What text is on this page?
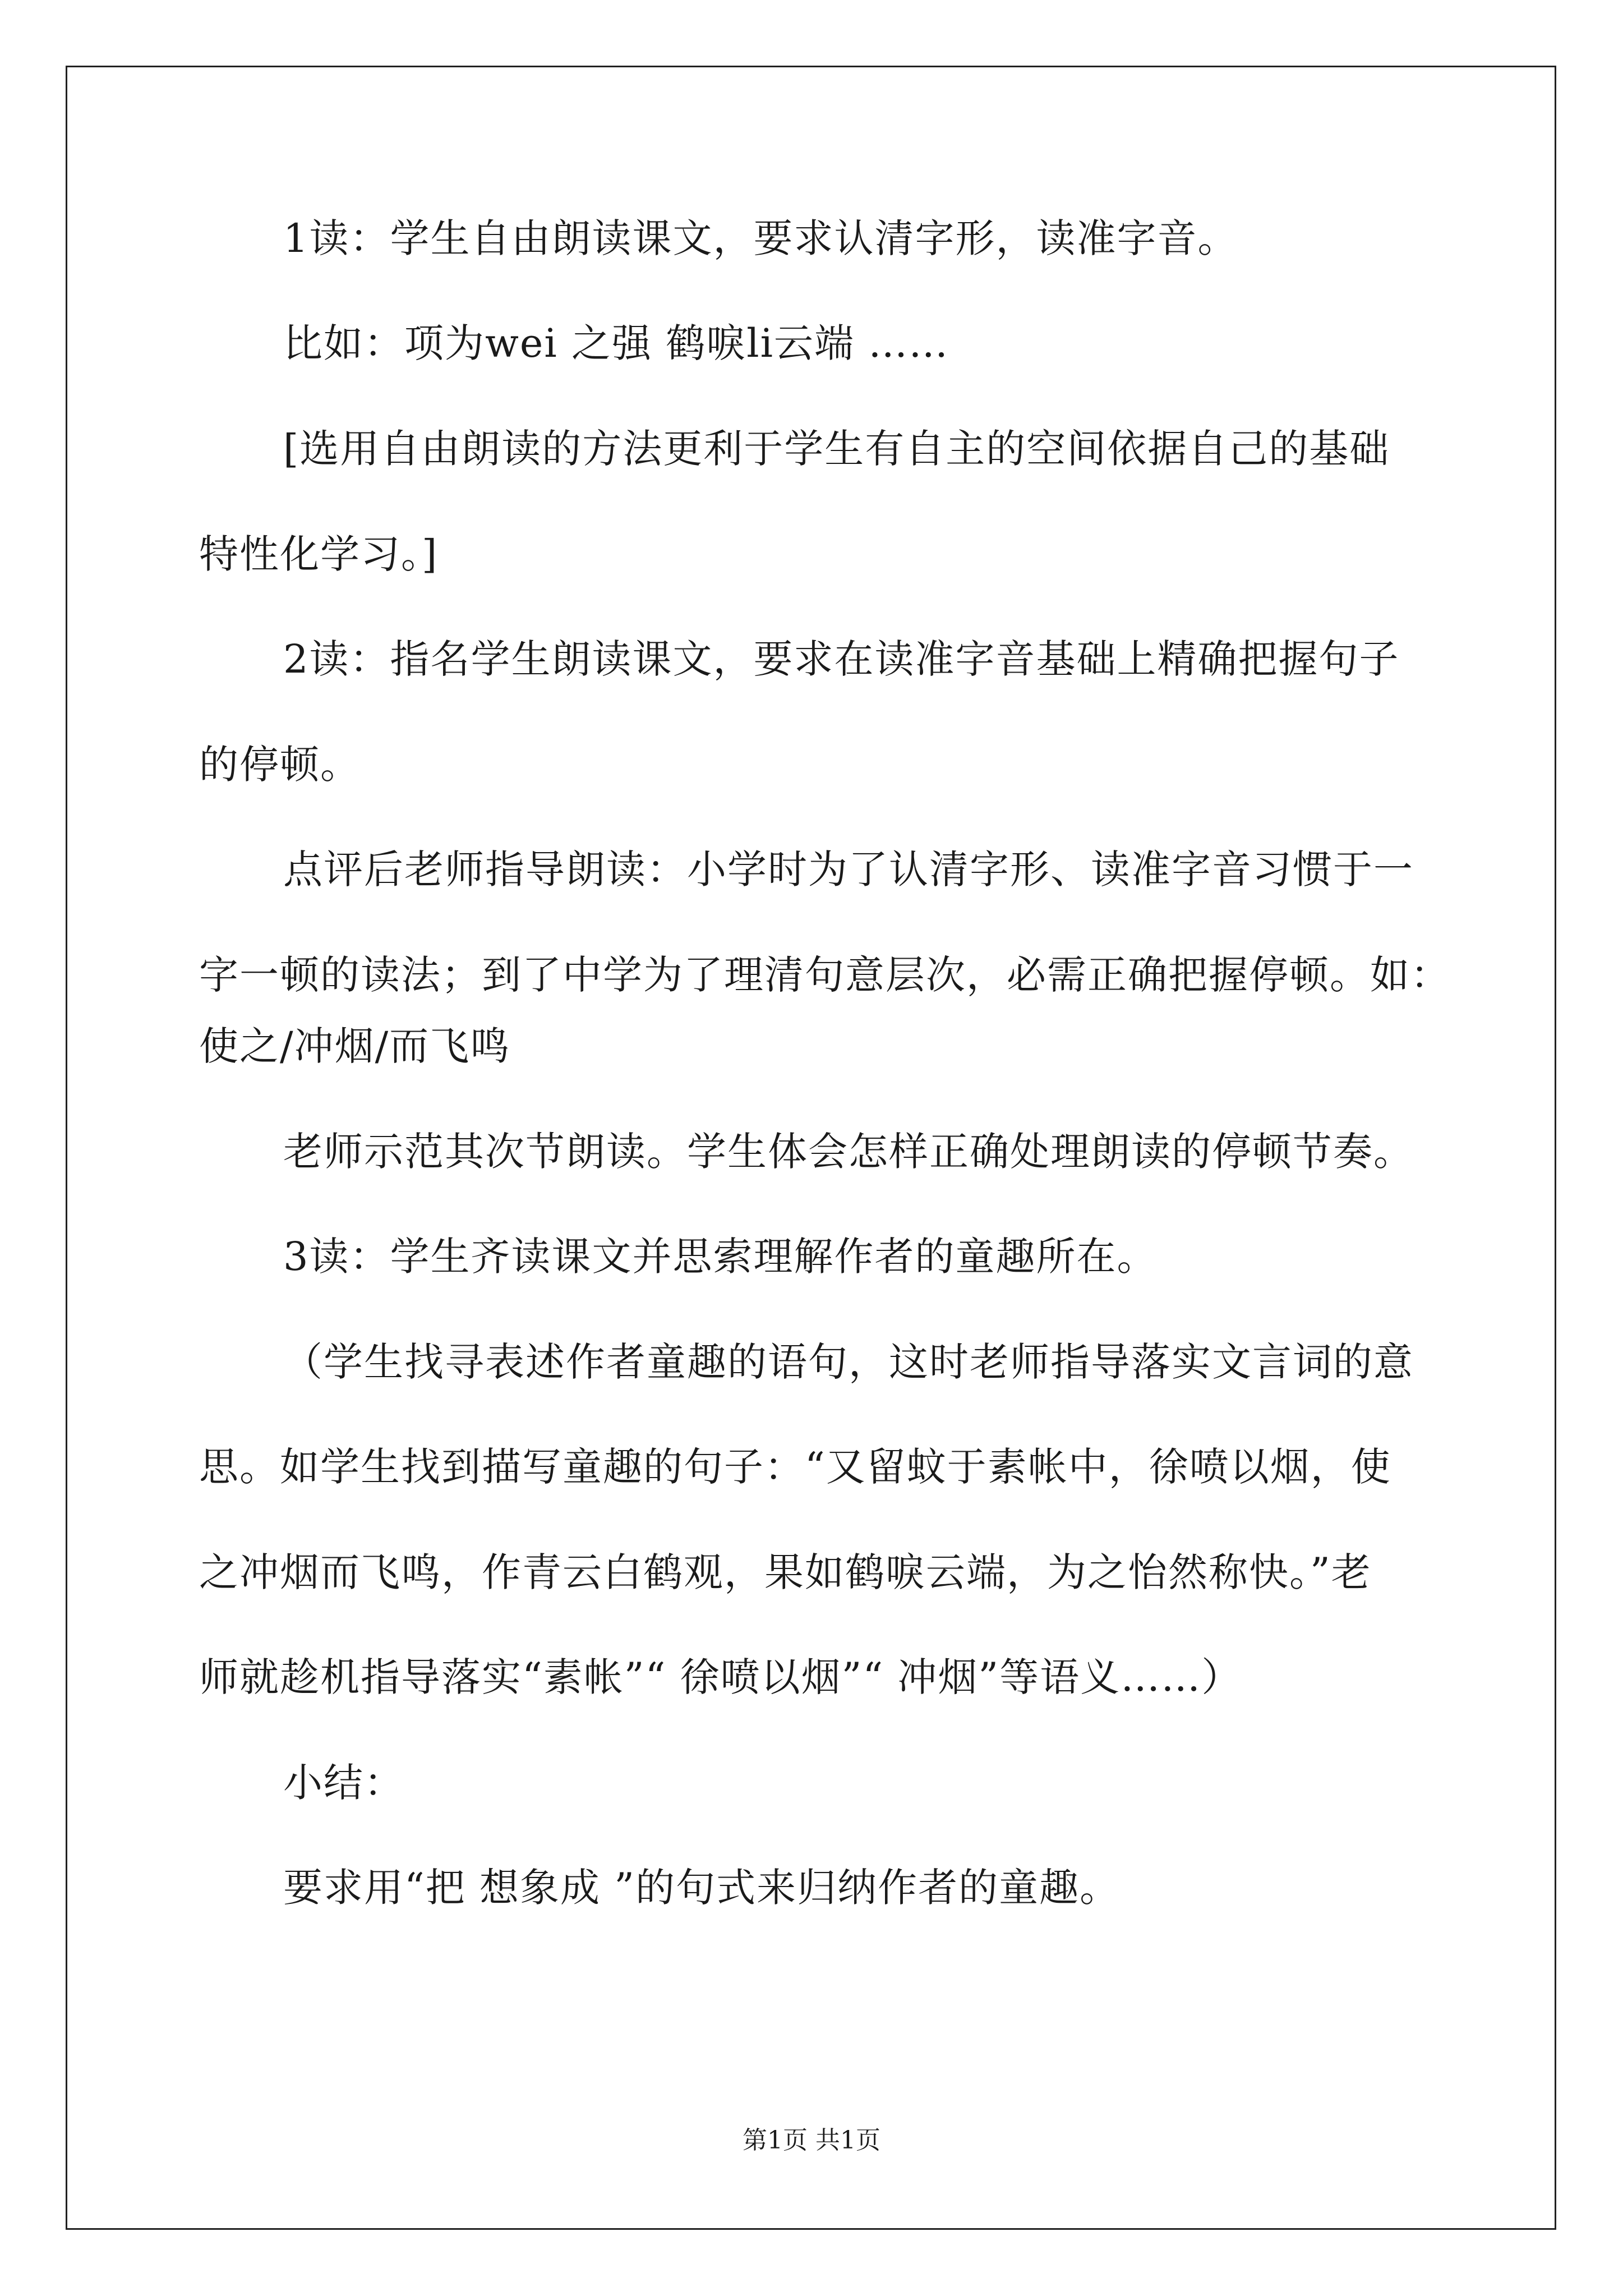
1读：学生自由朗读课文，要求认清字形，读准字音。
比如：项为wei 之强 鹤唳li云端 ……
[选用自由朗读的方法更利于学生有自主的空间依据自己的基础
特性化学习。]
2读：指名学生朗读课文，要求在读准字音基础上精确把握句子
的停顿。
点评后老师指导朗读：小学时为了认清字形、读准字音习惯于一
字一顿的读法；到了中学为了理清句意层次，必需正确把握停顿。如：
使之/冲烟/而飞鸣
老师示范其次节朗读。学生体会怎样正确处理朗读的停顿节奏。
3读：学生齐读课文并思索理解作者的童趣所在。
（学生找寻表述作者童趣的语句，这时老师指导落实文言词的意
思。如学生找到描写童趣的句子：“又留蚊于素帐中，徐喷以烟，使
之冲烟而飞鸣，作青云白鹤观，果如鹤唳云端，为之怡然称快。”老
师就趁机指导落实“素帐”“ 徐喷以烟”“ 冲烟”等语义……）
小结：
要求用“把 想象成 ”的句式来归纳作者的童趣。
第1页 共1页
